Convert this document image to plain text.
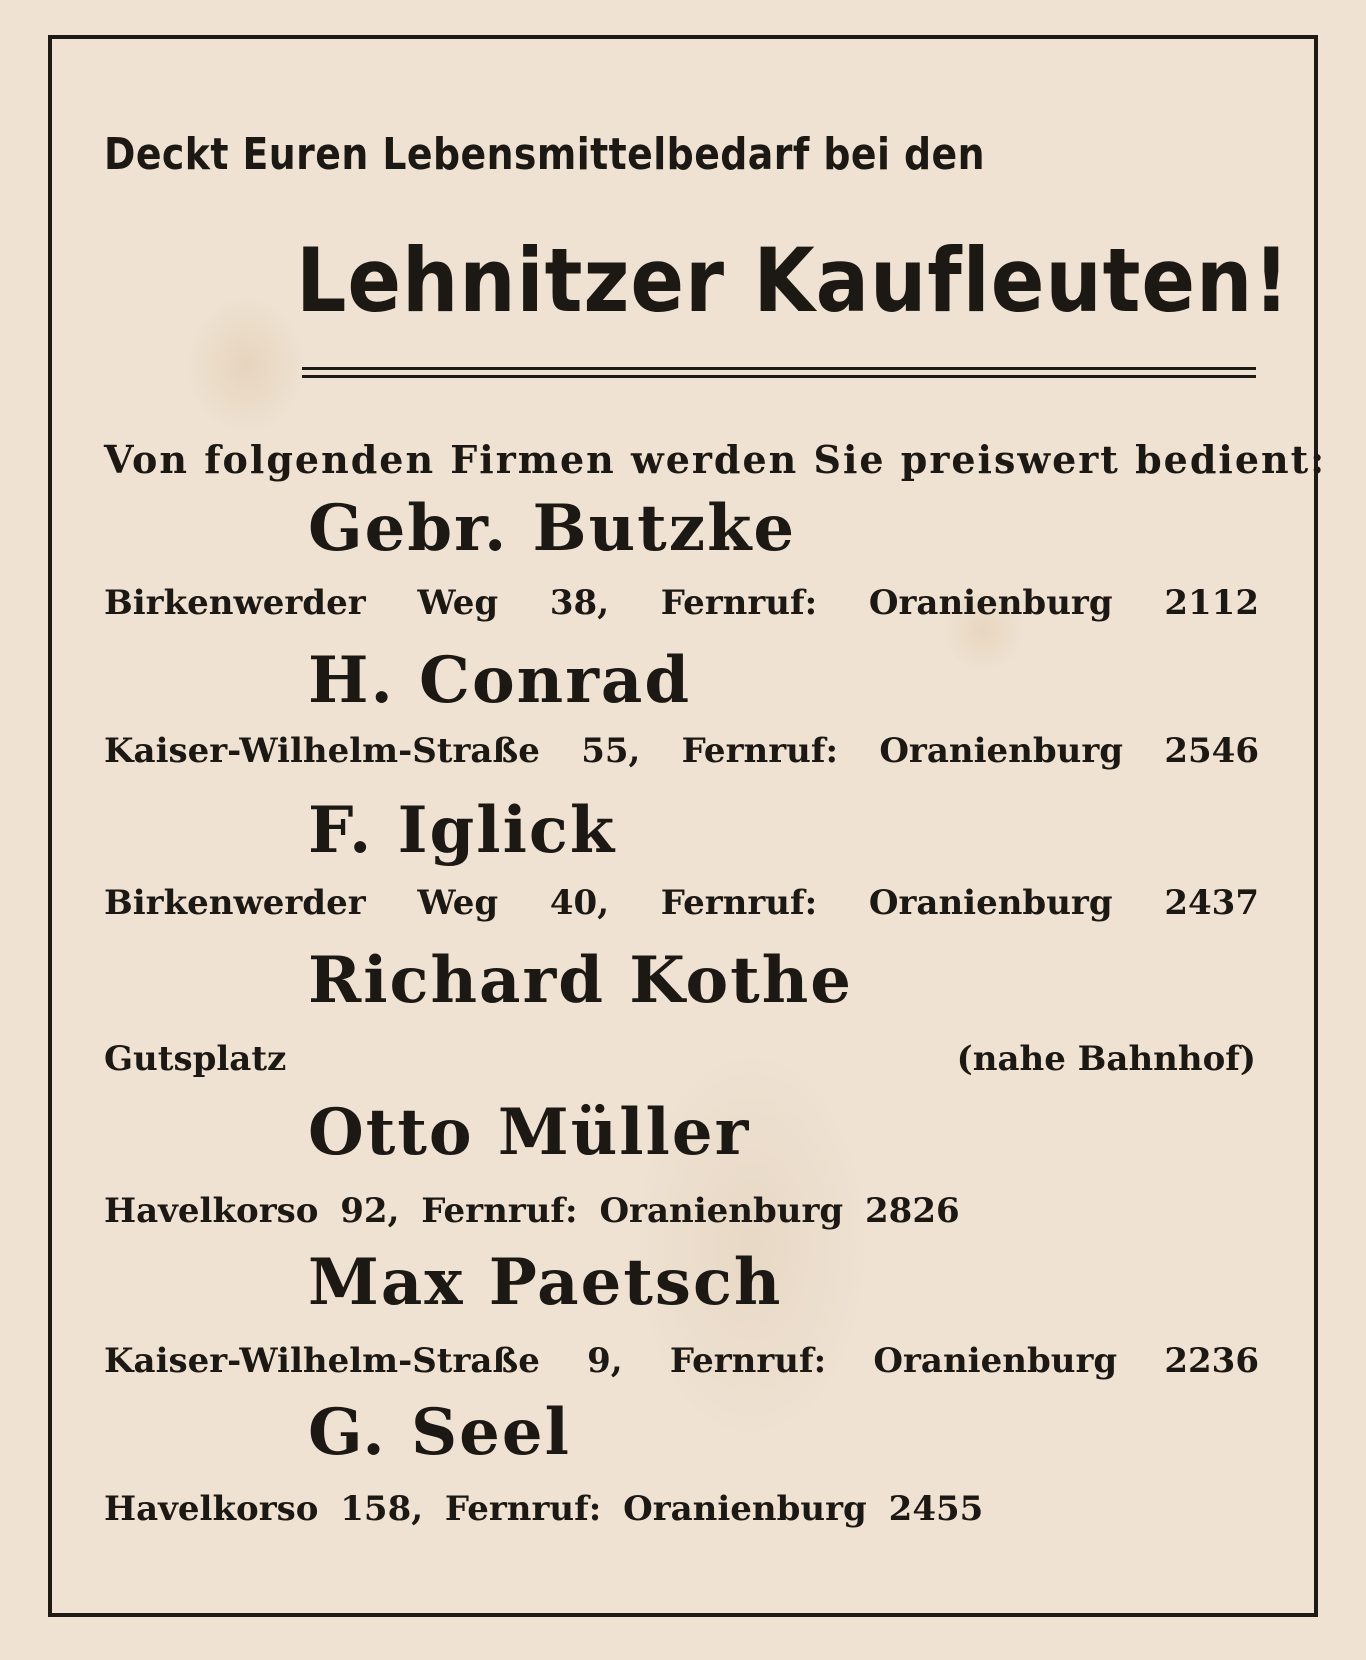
Deckt Euren Lebensmittelbedarf bei den

Lehnitzer Kaufleuten!

Von folgenden Firmen werden Sie preiswert bedient:

Gebr. Butzke

Birkenwerder Weg 38, Fernruf: Oranienburg 2112

H. Conrad

Kaiser-Wilhelm-Straße 55, Fernruf: Oranienburg 2546

F. Iglick

Birkenwerder Weg 40, Fernruf: Oranienburg 2437

Richard Kothe

Gutsplatz	(nahe Bahnhof)

Otto Müller

Havelkorso 92, Fernruf: Oranienburg 2826

Max Paetsch

Kaiser-Wilhelm-Straße 9, Fernruf: Oranienburg 2236

G. Seel

Havelkorso 158, Fernruf: Oranienburg 2455
